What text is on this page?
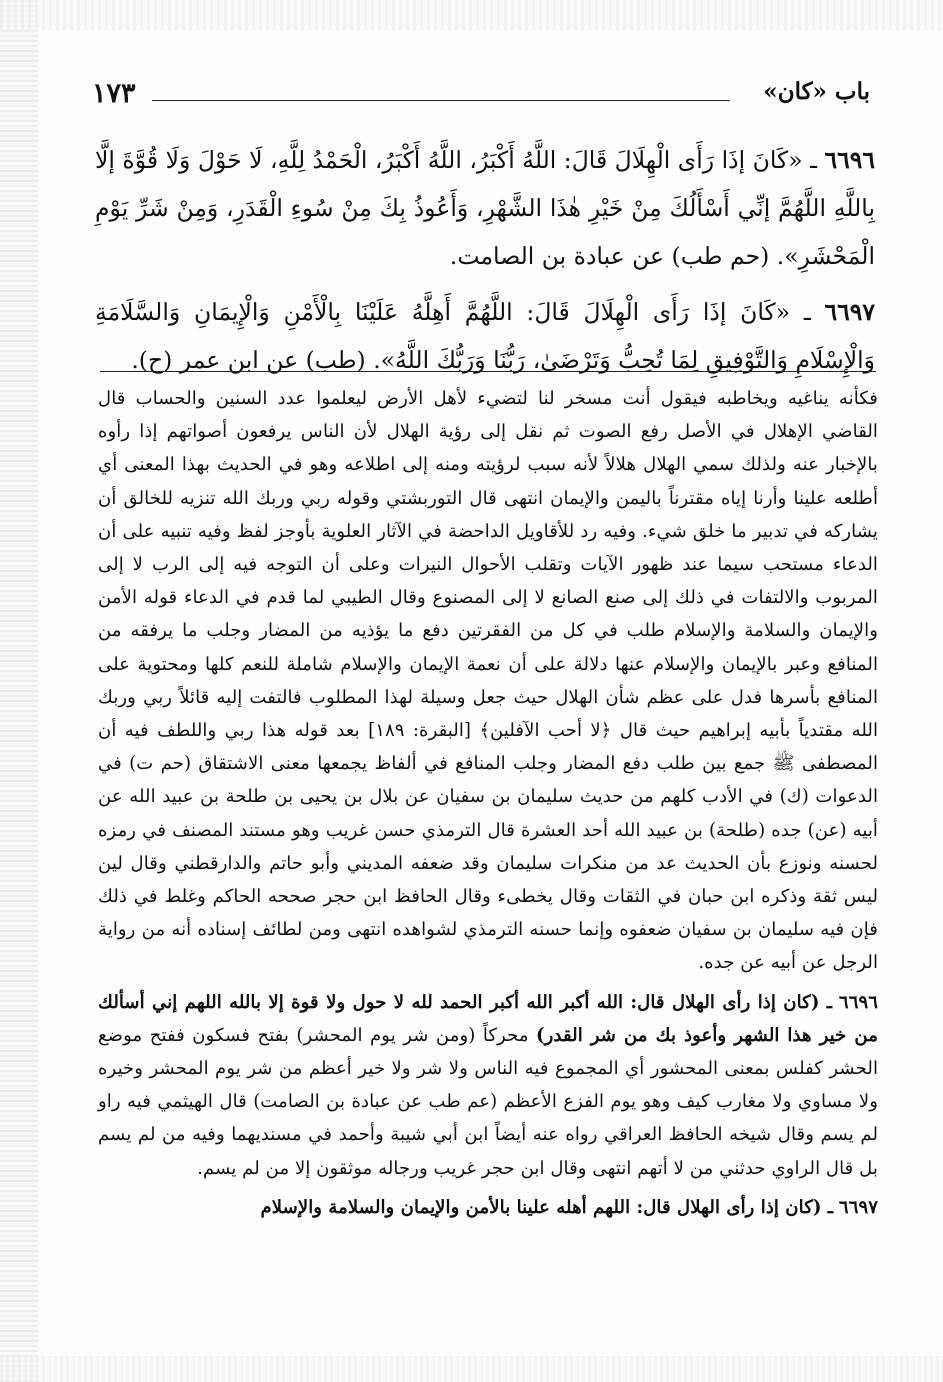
١٧٣	باب «كان»

٦٦٩٦ ـ «كَانَ إذَا رَأَى الْهِلَالَ قَالَ: اللَّهُ أَكْبَرُ، اللَّهُ أَكْبَرُ، الْحَمْدُ لِلَّهِ، لَا حَوْلَ وَلَا قُوَّةَ إلَّا بِاللَّهِ اللَّهُمَّ إنِّي أَسْأَلُكَ مِنْ خَيْرِ هٰذَا الشَّهْرِ، وَأَعُوذُ بِكَ مِنْ سُوءِ الْقَدَرِ، وَمِنْ شَرِّ يَوْمِ الْمَحْشَرِ». (حم طب) عن عبادة بن الصامت.

٦٦٩٧ ـ «كَانَ إذَا رَأَى الْهِلَالَ قَالَ: اللَّهُمَّ أَهِلَّهُ عَلَيْنَا بِالْأَمْنِ وَالْإِيمَانِ وَالسَّلَامَةِ وَالْإِسْلَامِ وَالتَّوْفِيقِ لِمَا تُحِبُّ وَتَرْضَىٰ، رَبُّنَا وَرَبُّكَ اللَّهُ». (طب) عن ابن عمر (ح).

فكأنه يناغيه ويخاطبه فيقول أنت مسخر لنا لتضيء لأهل الأرض ليعلموا عدد السنين والحساب قال القاضي الإهلال في الأصل رفع الصوت ثم نقل إلى رؤية الهلال لأن الناس يرفعون أصواتهم إذا رأوه بالإخبار عنه ولذلك سمي الهلال هلالاً لأنه سبب لرؤيته ومنه إلى اطلاعه وهو في الحديث بهذا المعنى أي أطلعه علينا وأرنا إياه مقترناً باليمن والإيمان انتهى قال التوربشتي وقوله ربي وربك الله تنزيه للخالق أن يشاركه في تدبير ما خلق شيء. وفيه رد للأقاويل الداحضة في الآثار العلوية بأوجز لفظ وفيه تنبيه على أن الدعاء مستحب سيما عند ظهور الآيات وتقلب الأحوال النيرات وعلى أن التوجه فيه إلى الرب لا إلى المربوب والالتفات في ذلك إلى صنع الصانع لا إلى المصنوع وقال الطيبي لما قدم في الدعاء قوله الأمن والإيمان والسلامة والإسلام طلب في كل من الفقرتين دفع ما يؤذيه من المضار وجلب ما يرفقه من المنافع وعبر بالإيمان والإسلام عنها دلالة على أن نعمة الإيمان والإسلام شاملة للنعم كلها ومحتوية على المنافع بأسرها فدل على عظم شأن الهلال حيث جعل وسيلة لهذا المطلوب فالتفت إليه قائلاً ربي وربك الله مقتدياً بأبيه إبراهيم حيث قال ﴿لا أحب الآفلين﴾ [البقرة: ١٨٩] بعد قوله هذا ربي واللطف فيه أن المصطفى ﷺ جمع بين طلب دفع المضار وجلب المنافع في ألفاظ يجمعها معنى الاشتقاق (حم ت) في الدعوات (ك) في الأدب كلهم من حديث سليمان بن سفيان عن بلال بن يحيى بن طلحة بن عبيد الله عن أبيه (عن) جده (طلحة) بن عبيد الله أحد العشرة قال الترمذي حسن غريب وهو مستند المصنف في رمزه لحسنه ونوزع بأن الحديث عد من منكرات سليمان وقد ضعفه المديني وأبو حاتم والدارقطني وقال لين ليس ثقة وذكره ابن حبان في الثقات وقال يخطىء وقال الحافظ ابن حجر صححه الحاكم وغلط في ذلك فإن فيه سليمان بن سفيان ضعفوه وإنما حسنه الترمذي لشواهده انتهى ومن لطائف إسناده أنه من رواية الرجل عن أبيه عن جده.

٦٦٩٦ ـ (كان إذا رأى الهلال قال: الله أكبر الله أكبر الحمد لله لا حول ولا قوة إلا بالله اللهم إني أسألك من خير هذا الشهر وأعوذ بك من شر القدر) محركاً (ومن شر يوم المحشر) بفتح فسكون ففتح موضع الحشر كفلس بمعنى المحشور أي المجموع فيه الناس ولا شر ولا خير أعظم من شر يوم المحشر وخيره ولا مساوي ولا مغارب كيف وهو يوم الفزع الأعظم (عم طب عن عبادة بن الصامت) قال الهيثمي فيه راو لم يسم وقال شيخه الحافظ العراقي رواه عنه أيضاً ابن أبي شيبة وأحمد في مسنديهما وفيه من لم يسم بل قال الراوي حدثني من لا أتهم انتهى وقال ابن حجر غريب ورجاله موثقون إلا من لم يسم.

٦٦٩٧ ـ (كان إذا رأى الهلال قال: اللهم أهله علينا بالأمن والإيمان والسلامة والإسلام
